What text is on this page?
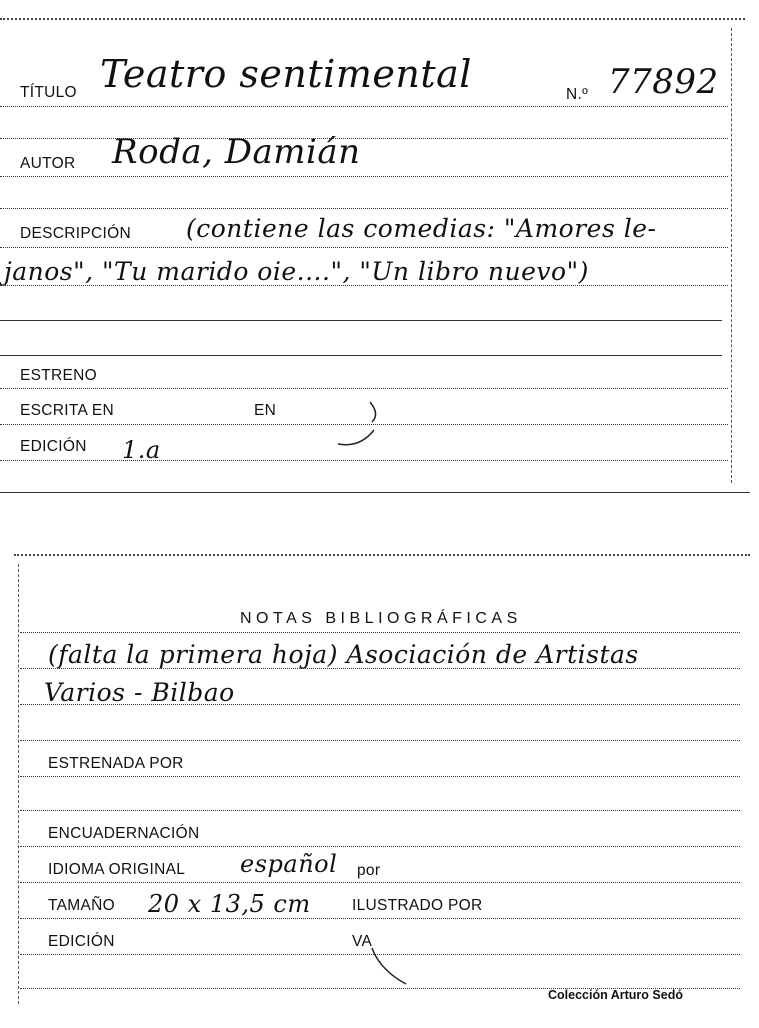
TÍTULO Teatro sentimental	N.º 77892
AUTOR Roda, Damián
DESCRIPCIÓN (contiene las comedias: "Amores le-
janos", "Tu marido oie....", "Un libro nuevo")
ESTRENO
ESCRITA EN	EN
EDICIÓN 1.a
NOTAS BIBLIOGRÁFICAS
(falta la primera hoja) Asociación de Artistas
Varios - Bilbao
ESTRENADA POR
ENCUADERNACIÓN
IDIOMA ORIGINAL español por
TAMAÑO 20 x 13,5 cm	ILUSTRADO POR
EDICIÓN	VA
Colección Arturo Sedó
